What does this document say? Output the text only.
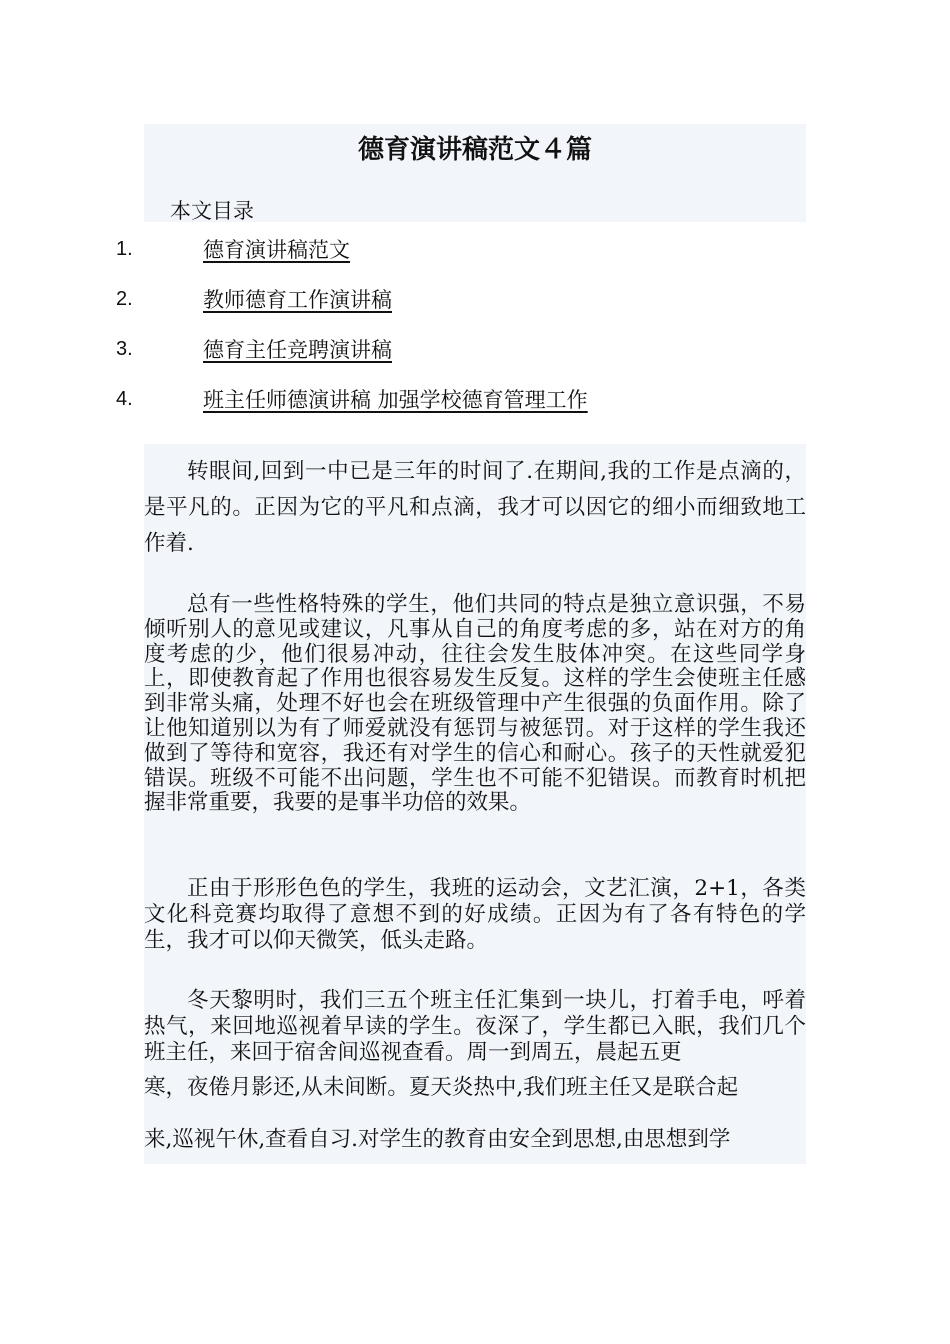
德育演讲稿范文４篇

本文目录

1.	德育演讲稿范文
2.	教师德育工作演讲稿
3.	德育主任竞聘演讲稿
4.	班主任师德演讲稿 加强学校德育管理工作

转眼间,回到一中已是三年的时间了.在期间,我的工作是点滴的，是平凡的。正因为它的平凡和点滴，我才可以因它的细小而细致地工作着.

总有一些性格特殊的学生，他们共同的特点是独立意识强，不易倾听别人的意见或建议，凡事从自己的角度考虑的多，站在对方的角度考虑的少，他们很易冲动，往往会发生肢体冲突。在这些同学身上，即使教育起了作用也很容易发生反复。这样的学生会使班主任感到非常头痛，处理不好也会在班级管理中产生很强的负面作用。除了让他知道别以为有了师爱就没有惩罚与被惩罚。对于这样的学生我还做到了等待和宽容，我还有对学生的信心和耐心。孩子的天性就爱犯错误。班级不可能不出问题，学生也不可能不犯错误。而教育时机把握非常重要，我要的是事半功倍的效果。

正由于形形色色的学生，我班的运动会，文艺汇演，2+1，各类文化科竞赛均取得了意想不到的好成绩。正因为有了各有特色的学生，我才可以仰天微笑，低头走路。

冬天黎明时，我们三五个班主任汇集到一块儿，打着手电，呼着热气，来回地巡视着早读的学生。夜深了，学生都已入眠，我们几个班主任，来回于宿舍间巡视查看。周一到周五，晨起五更

寒，夜倦月影还,从未间断。夏天炎热中,我们班主任又是联合起

来,巡视午休,查看自习.对学生的教育由安全到思想,由思想到学
